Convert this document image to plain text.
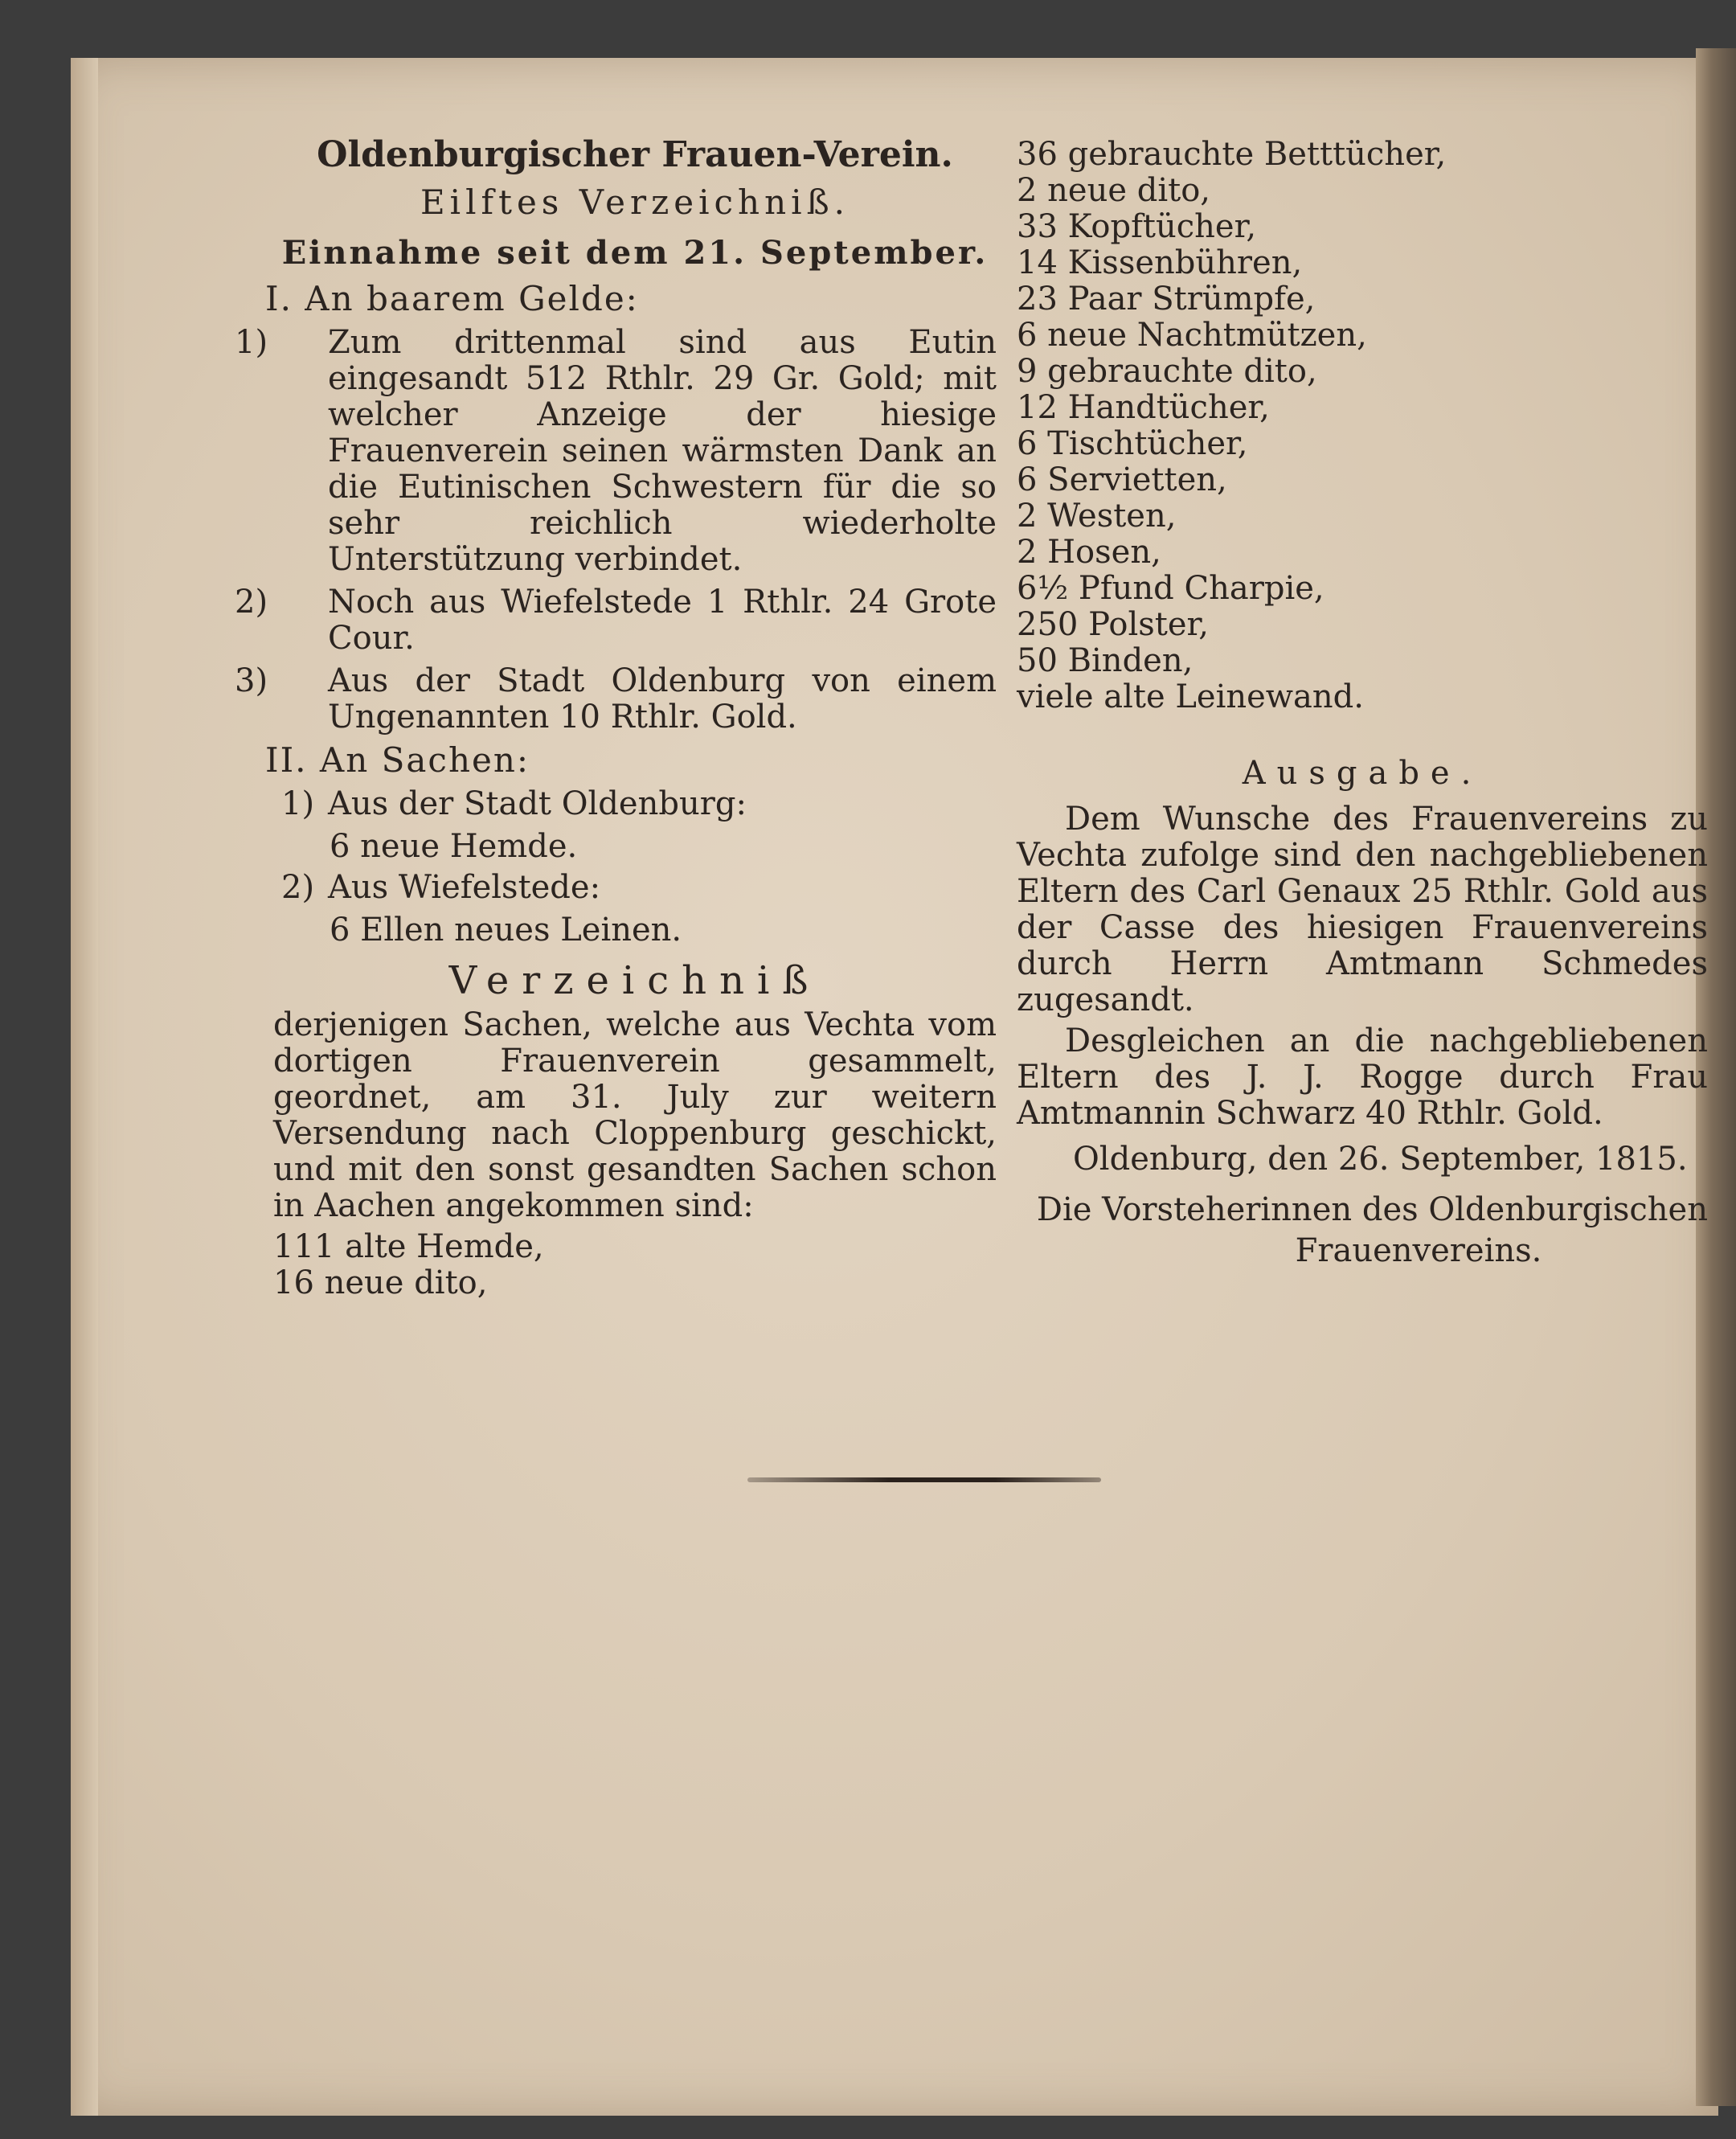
Oldenburgischer Frauen-Verein.
Eilftes Verzeichniß.
Einnahme seit dem 21. September.
I. An baarem Gelde:
1) Zum drittenmal sind aus Eutin eingesandt 512 Rthlr. 29 Gr. Gold; mit welcher Anzeige der hiesige Frauenverein seinen wärmsten Dank an die Eutinischen Schwestern für die so sehr reichlich wiederholte Unterstützung verbindet.
2) Noch aus Wiefelstede 1 Rthlr. 24 Grote Cour.
3) Aus der Stadt Oldenburg von einem Ungenannten 10 Rthlr. Gold.
II. An Sachen:
1) Aus der Stadt Oldenburg:
6 neue Hemde.
2) Aus Wiefelstede:
6 Ellen neues Leinen.
Verzeichniß
derjenigen Sachen, welche aus Vechta vom dortigen Frauenverein gesammelt, geordnet, am 31. July zur weitern Versendung nach Cloppenburg geschickt, und mit den sonst gesandten Sachen schon in Aachen angekommen sind:
111 alte Hemde,
16 neue dito,
36 gebrauchte Betttücher,
2 neue dito,
33 Kopftücher,
14 Kissenbühren,
23 Paar Strümpfe,
6 neue Nachtmützen,
9 gebrauchte dito,
12 Handtücher,
6 Tischtücher,
6 Servietten,
2 Westen,
2 Hosen,
6½ Pfund Charpie,
250 Polster,
50 Binden,
viele alte Leinewand.
Ausgabe.
Dem Wunsche des Frauenvereins zu Vechta zufolge sind den nachgebliebenen Eltern des Carl Genaux 25 Rthlr. Gold aus der Casse des hiesigen Frauenvereins durch Herrn Amtmann Schmedes zugesandt.
Desgleichen an die nachgebliebenen Eltern des J. J. Rogge durch Frau Amtmannin Schwarz 40 Rthlr. Gold.
Oldenburg, den 26. September, 1815.
Die Vorsteherinnen des Oldenburgischen
Frauenvereins.
